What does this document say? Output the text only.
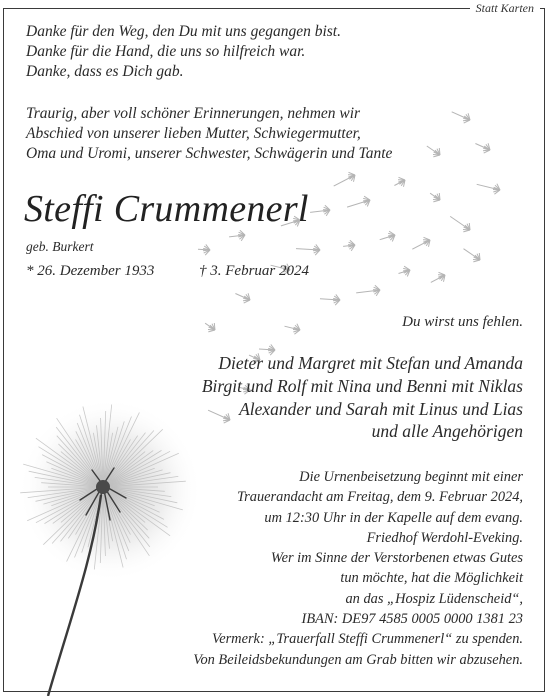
Statt Karten
Danke für den Weg, den Du mit uns gegangen bist.
Danke für die Hand, die uns so hilfreich war.
Danke, dass es Dich gab.
Traurig, aber voll schöner Erinnerungen, nehmen wir
Abschied von unserer lieben Mutter, Schwiegermutter,
Oma und Uromi, unserer Schwester, Schwägerin und Tante
Steffi Crummenerl
geb. Burkert
* 26. Dezember 1933	† 3. Februar 2024
Du wirst uns fehlen.
Dieter und Margret mit Stefan und Amanda
Birgit und Rolf mit Nina und Benni mit Niklas
Alexander und Sarah mit Linus und Lias
und alle Angehörigen
Die Urnenbeisetzung beginnt mit einer
Trauerandacht am Freitag, dem 9. Februar 2024,
um 12:30 Uhr in der Kapelle auf dem evang.
Friedhof Werdohl-Eveking.
Wer im Sinne der Verstorbenen etwas Gutes
tun möchte, hat die Möglichkeit
an das „Hospiz Lüdenscheid“,
IBAN: DE97 4585 0005 0000 1381 23
Vermerk: „Trauerfall Steffi Crummenerl“ zu spenden.
Von Beileidsbekundungen am Grab bitten wir abzusehen.
